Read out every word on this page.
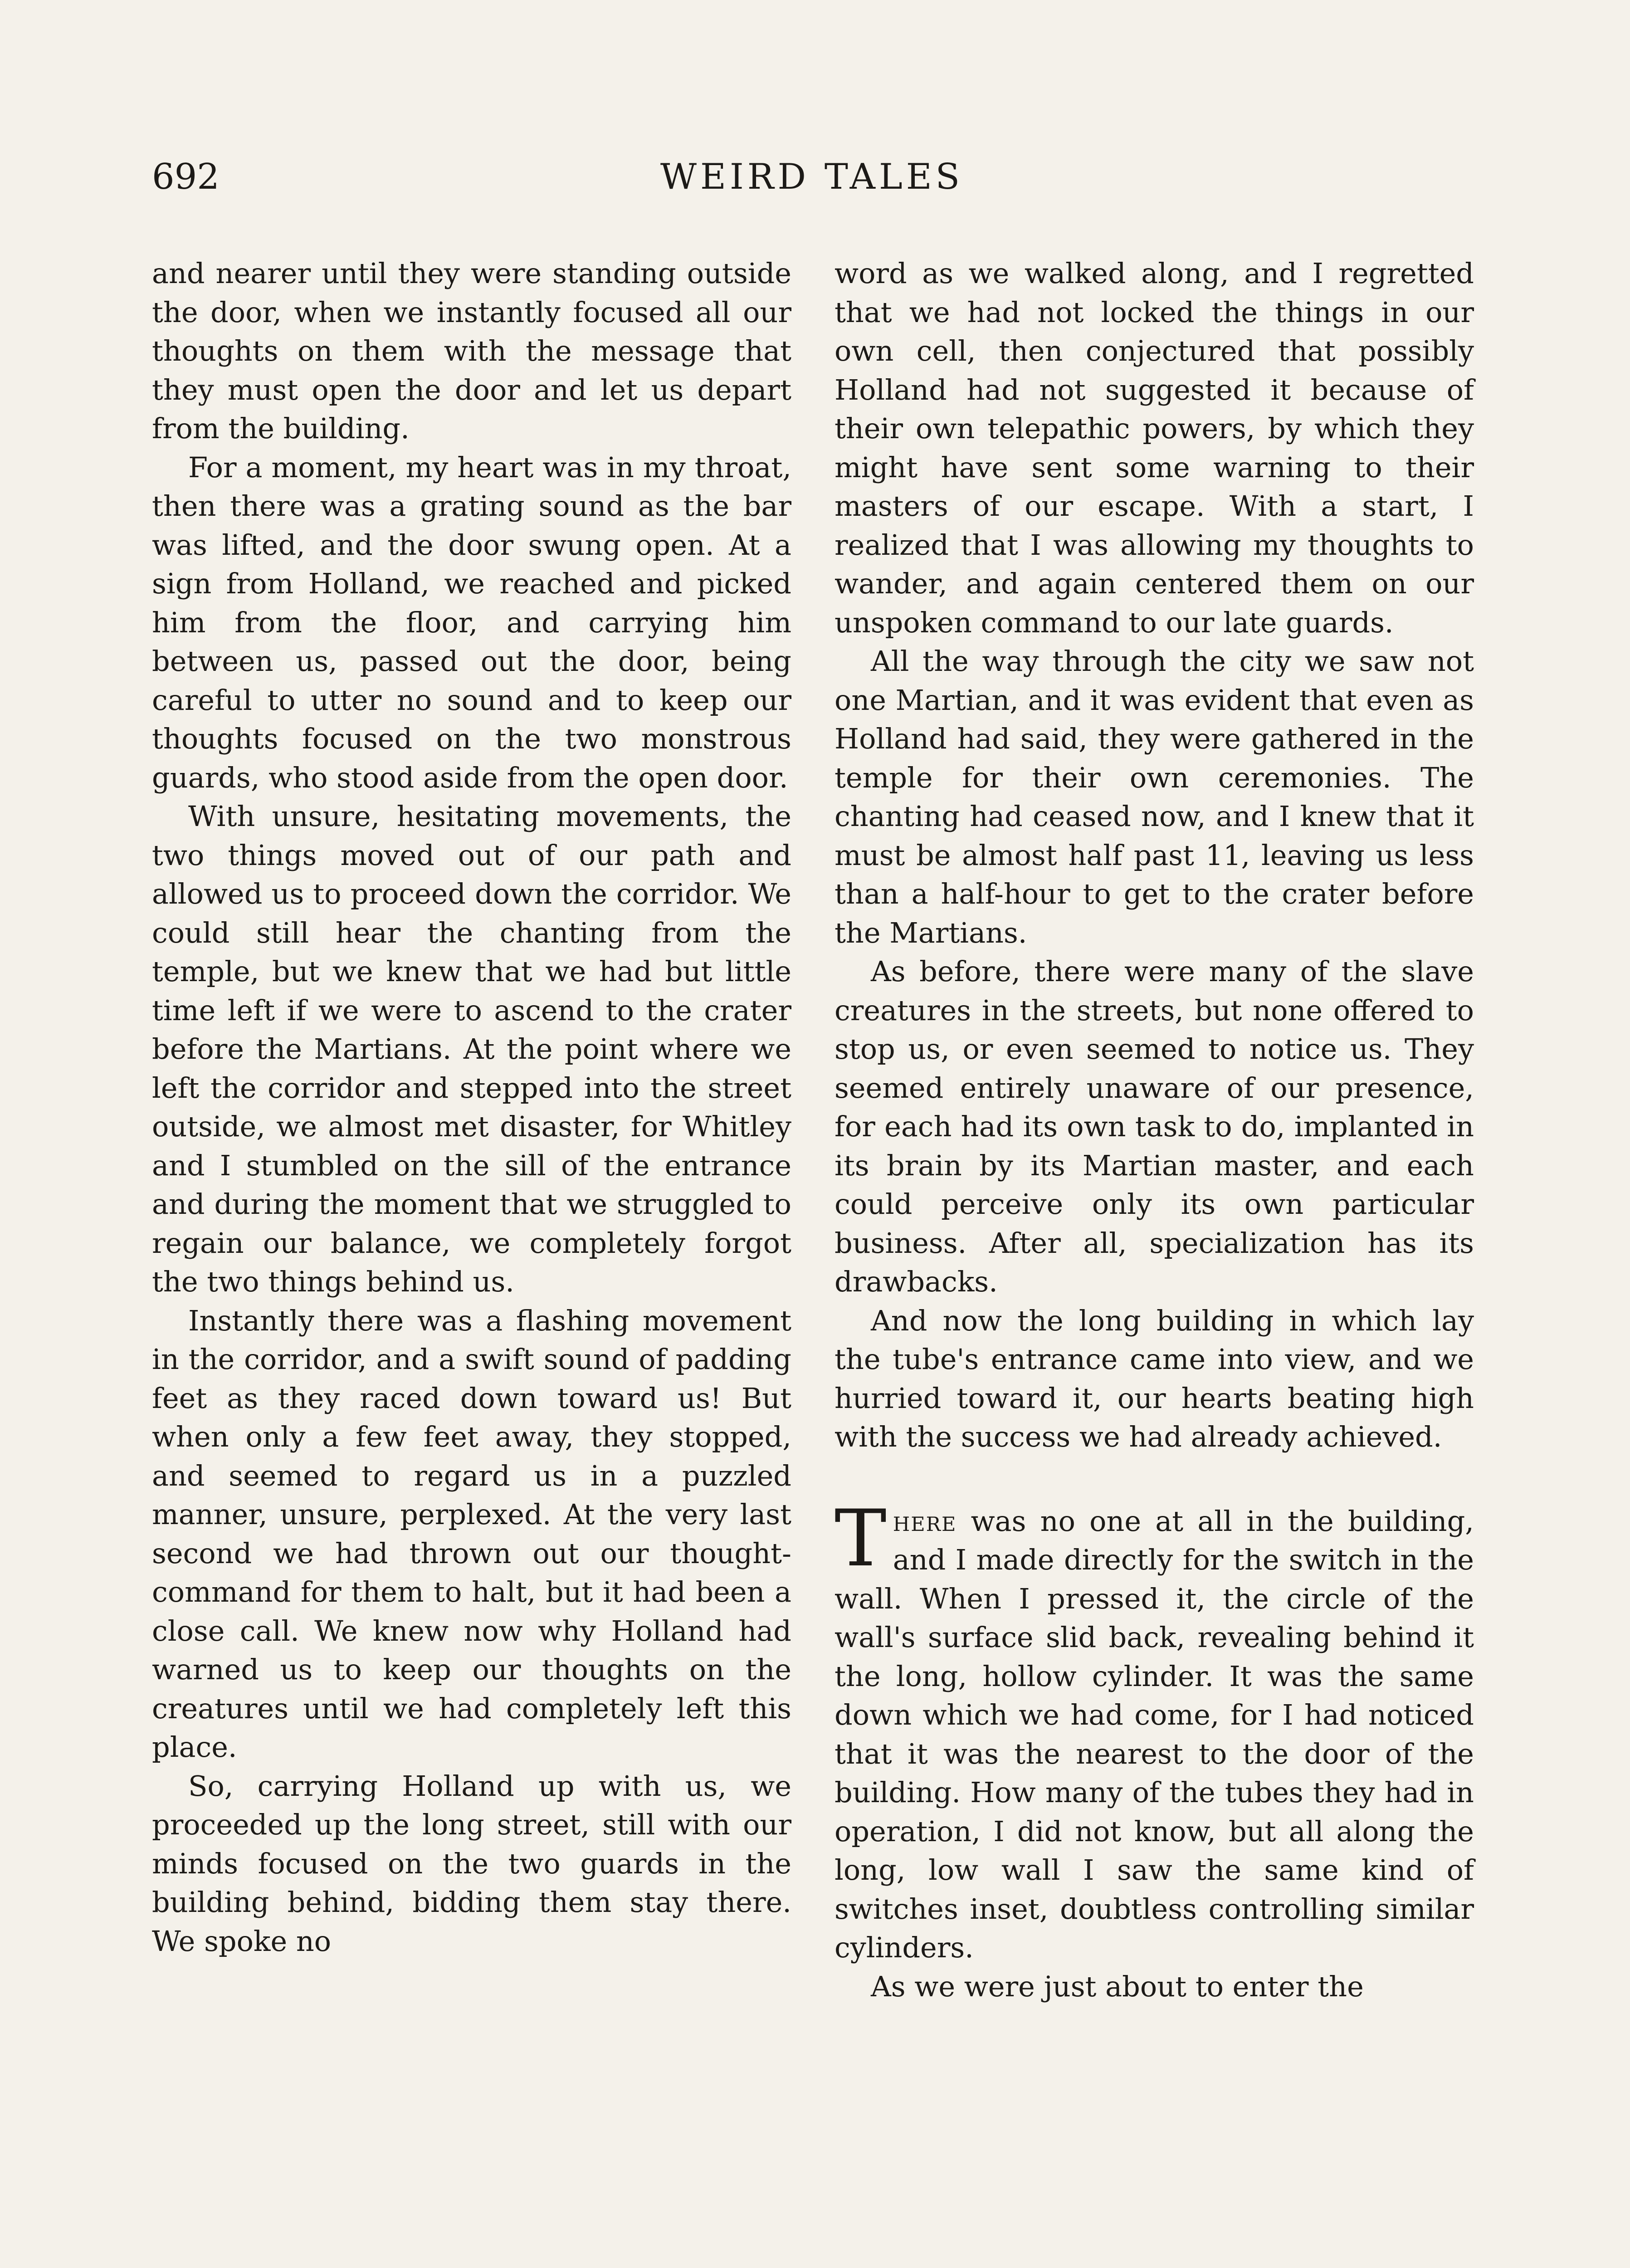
692	WEIRD TALES

and nearer until they were standing outside the door, when we instantly focused all our thoughts on them with the message that they must open the door and let us depart from the building.

For a moment, my heart was in my throat, then there was a grating sound as the bar was lifted, and the door swung open. At a sign from Holland, we reached and picked him from the floor, and carrying him between us, passed out the door, being careful to utter no sound and to keep our thoughts focused on the two monstrous guards, who stood aside from the open door.

With unsure, hesitating movements, the two things moved out of our path and allowed us to proceed down the corridor. We could still hear the chanting from the temple, but we knew that we had but little time left if we were to ascend to the crater before the Martians. At the point where we left the corridor and stepped into the street outside, we almost met disaster, for Whitley and I stumbled on the sill of the entrance and during the moment that we struggled to regain our balance, we completely forgot the two things behind us.

Instantly there was a flashing movement in the corridor, and a swift sound of padding feet as they raced down toward us! But when only a few feet away, they stopped, and seemed to regard us in a puzzled manner, unsure, perplexed. At the very last second we had thrown out our thought-command for them to halt, but it had been a close call. We knew now why Holland had warned us to keep our thoughts on the creatures until we had completely left this place.

So, carrying Holland up with us, we proceeded up the long street, still with our minds focused on the two guards in the building behind, bidding them stay there. We spoke no

word as we walked along, and I regretted that we had not locked the things in our own cell, then conjectured that possibly Holland had not suggested it because of their own telepathic powers, by which they might have sent some warning to their masters of our escape. With a start, I realized that I was allowing my thoughts to wander, and again centered them on our unspoken command to our late guards.

All the way through the city we saw not one Martian, and it was evident that even as Holland had said, they were gathered in the temple for their own ceremonies. The chanting had ceased now, and I knew that it must be almost half past 11, leaving us less than a half-hour to get to the crater before the Martians.

As before, there were many of the slave creatures in the streets, but none offered to stop us, or even seemed to notice us. They seemed entirely unaware of our presence, for each had its own task to do, implanted in its brain by its Martian master, and each could perceive only its own particular business. After all, specialization has its drawbacks.

And now the long building in which lay the tube's entrance came into view, and we hurried toward it, our hearts beating high with the success we had already achieved.

There was no one at all in the building, and I made directly for the switch in the wall. When I pressed it, the circle of the wall's surface slid back, revealing behind it the long, hollow cylinder. It was the same down which we had come, for I had noticed that it was the nearest to the door of the building. How many of the tubes they had in operation, I did not know, but all along the long, low wall I saw the same kind of switches inset, doubtless controlling similar cylinders.

As we were just about to enter the
